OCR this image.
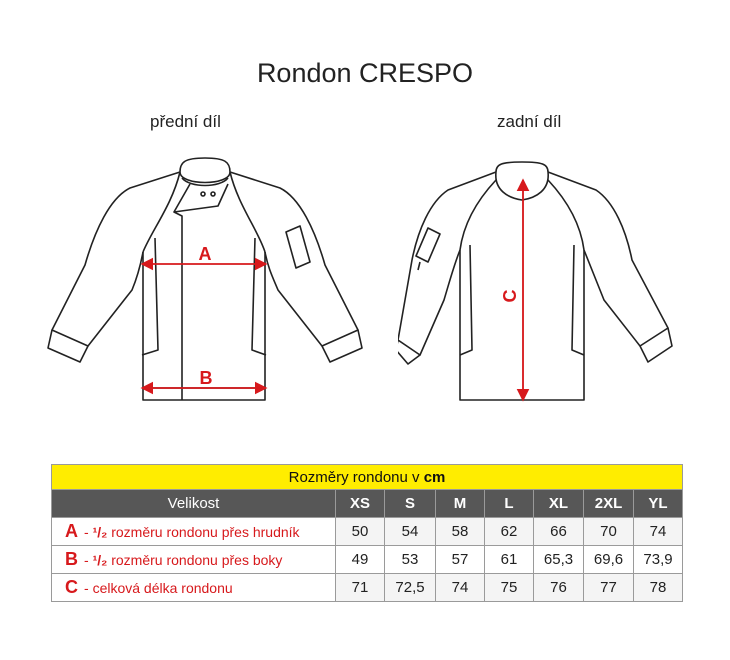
Rondon CRESPO
přední díl	zadní díl
A
B
C
Rozměry rondonu v cm							
Velikost	XS	S	M	L	XL	2XL	YL
A - ¹/₂ rozměru rondonu přes hrudník	50	54	58	62	66	70	74
B - ¹/₂ rozměru rondonu přes boky	49	53	57	61	65,3	69,6	73,9
C - celková délka rondonu	71	72,5	74	75	76	77	78
